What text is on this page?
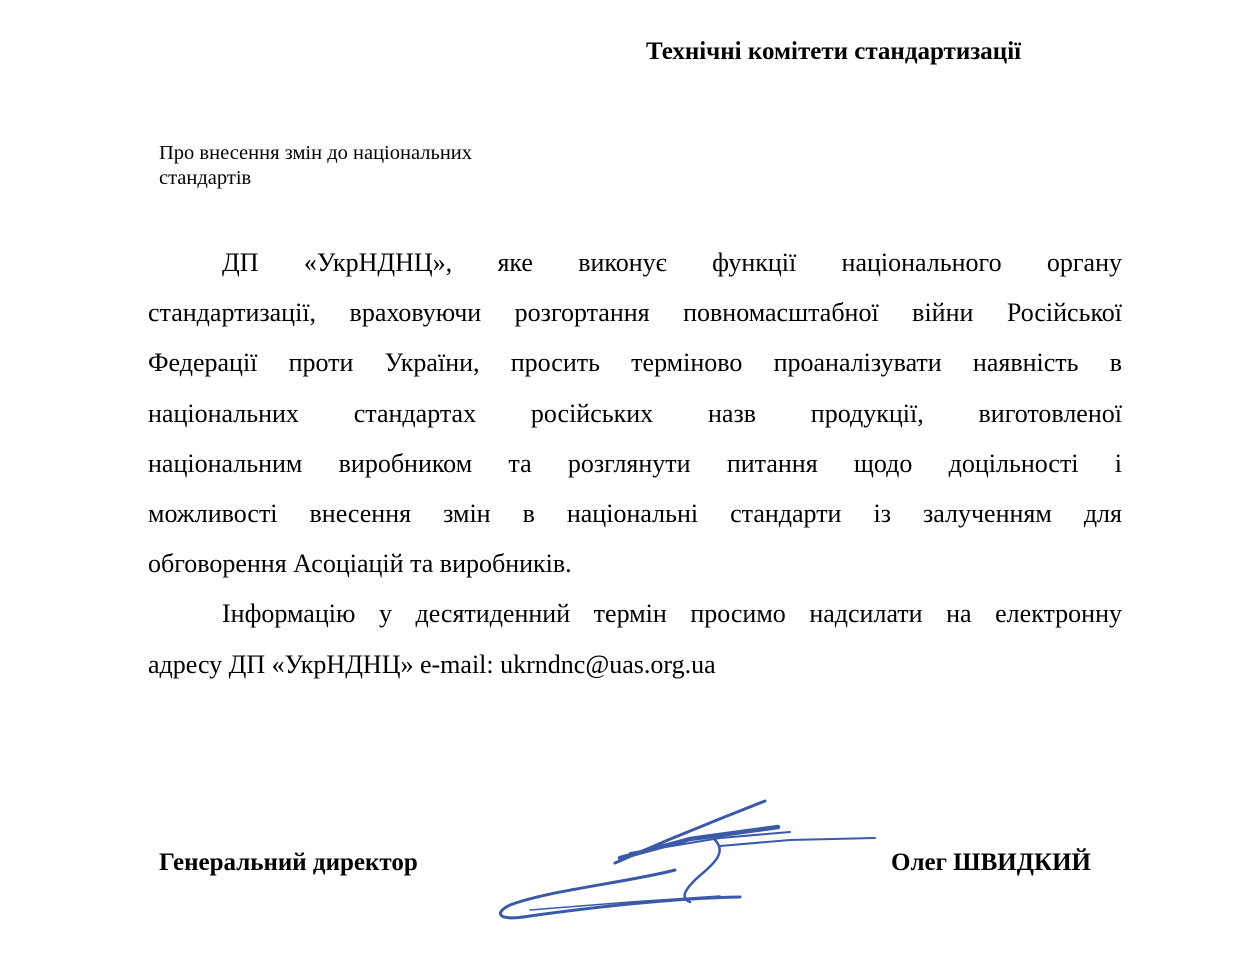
Технічні комітети стандартизації
Про внесення змін до національних
стандартів

ДП «УкрНДНЦ», яке виконує функції національного органу
стандартизації, враховуючи розгортання повномасштабної війни Російської
Федерації проти України, просить терміново проаналізувати наявність в
національних стандартах російських назв продукції, виготовленої
національним виробником та розглянути питання щодо доцільності і
можливості внесення змін в національні стандарти із залученням для
обговорення Асоціацій та виробників.

Інформацію у десятиденний термін просимо надсилати на електронну
адресу ДП «УкрНДНЦ» e-mail: ukrndnc@uas.org.ua

Генеральний директор	Олег ШВИДКИЙ
